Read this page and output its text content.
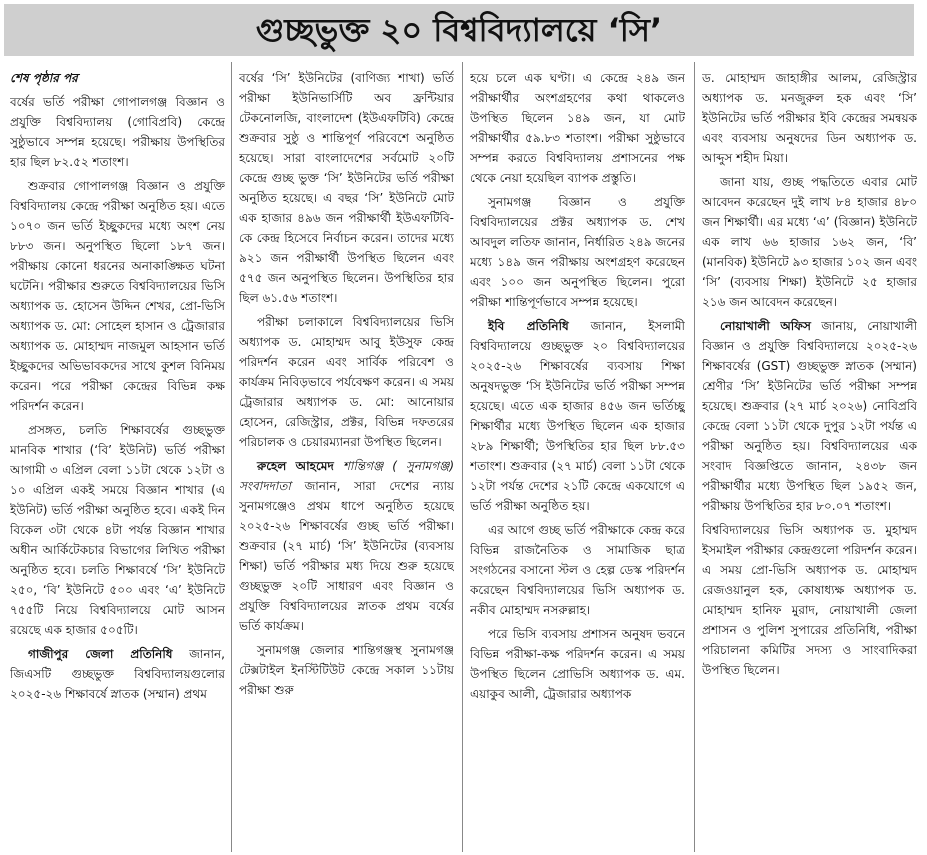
গুচ্ছভুক্ত ২০ বিশ্ববিদ্যালয়ে ‘সি’

শেষ পৃষ্ঠার পর

বর্ষের ভর্তি পরীক্ষা গোপালগঞ্জ বিজ্ঞান ও প্রযুক্তি বিশ্ববিদ্যালয় (গোবিপ্রবি) কেন্দ্রে সুষ্ঠুভাবে সম্পন্ন হয়েছে। পরীক্ষায় উপস্থিতির হার ছিল ৮২.৫২ শতাংশ।

শুক্রবার গোপালগঞ্জ বিজ্ঞান ও প্রযুক্তি বিশ্ববিদ্যালয় কেন্দ্রে পরীক্ষা অনুষ্ঠিত হয়। এতে ১০৭০ জন ভর্তি ইচ্ছুকদের মধ্যে অংশ নেয় ৮৮৩ জন। অনুপস্থিত ছিলো ১৮৭ জন। পরীক্ষায় কোনো ধরনের অনাকাঙ্ক্ষিত ঘটনা ঘটেনি। পরীক্ষার শুরুতে বিশ্ববিদ্যালয়ের ভিসি অধ্যাপক ড. হোসেন উদ্দিন শেখর, প্রো-ভিসি অধ্যাপক ড. মো: সোহেল হাসান ও ট্রেজারার অধ্যাপক ড. মোহাম্মদ নাজমুল আহসান ভর্তি ইচ্ছুকদের অভিভাবকদের সাথে কুশল বিনিময় করেন। পরে পরীক্ষা কেন্দ্রের বিভিন্ন কক্ষ পরিদর্শন করেন।

প্রসঙ্গত, চলতি শিক্ষাবর্ষের গুচ্ছভুক্ত মানবিক শাখার (‘বি’ ইউনিট) ভর্তি পরীক্ষা আগামী ৩ এপ্রিল বেলা ১১টা থেকে ১২টা ও ১০ এপ্রিল একই সময়ে বিজ্ঞান শাখার (এ ইউনিট) ভর্তি পরীক্ষা অনুষ্ঠিত হবে। একই দিন বিকেল ৩টা থেকে ৪টা পর্যন্ত বিজ্ঞান শাখার অধীন আর্কিটেকচার বিভাগের লিখিত পরীক্ষা অনুষ্ঠিত হবে। চলতি শিক্ষাবর্ষে ‘সি’ ইউনিটে ২৫০, ‘বি’ ইউনিটে ৫০০ এবং ‘এ’ ইউনিটে ৭৫৫টি নিয়ে বিশ্ববিদ্যালয়ে মোট আসন রয়েছে এক হাজার ৫০৫টি।

গাজীপুর জেলা প্রতিনিধি জানান, জিএসটি গুচ্ছভুক্ত বিশ্ববিদ্যালয়গুলোর ২০২৫-২৬ শিক্ষাবর্ষে স্নাতক (সম্মান) প্রথম

বর্ষের ‘সি’ ইউনিটের (বাণিজ্য শাখা) ভর্তি পরীক্ষা ইউনিভার্সিটি অব ফ্রন্টিয়ার টেকনোলজি, বাংলাদেশ (ইউএফটিবি) কেন্দ্রে শুক্রবার সুষ্ঠু ও শান্তিপূর্ণ পরিবেশে অনুষ্ঠিত হয়েছে। সারা বাংলাদেশের সর্বমোট ২০টি কেন্দ্রে গুচ্ছ ভুক্ত ‘সি’ ইউনিটের ভর্তি পরীক্ষা অনুষ্ঠিত হয়েছে। এ বছর ‘সি’ ইউনিটে মোট এক হাজার ৪৯৬ জন পরীক্ষার্থী ইউএফটিবি-কে কেন্দ্র হিসেবে নির্বাচন করেন। তাদের মধ্যে ৯২১ জন পরীক্ষার্থী উপস্থিত ছিলেন এবং ৫৭৫ জন অনুপস্থিত ছিলেন। উপস্থিতির হার ছিল ৬১.৫৬ শতাংশ।

পরীক্ষা চলাকালে বিশ্ববিদ্যালয়ের ভিসি অধ্যাপক ড. মোহাম্মদ আবু ইউসুফ কেন্দ্র পরিদর্শন করেন এবং সার্বিক পরিবেশ ও কার্যক্রম নিবিড়ভাবে পর্যবেক্ষণ করেন। এ সময় ট্রেজারার অধ্যাপক ড. মো: আনোয়ার হোসেন, রেজিস্ট্রার, প্রক্টর, বিভিন্ন দফতরের পরিচালক ও চেয়ারম্যানরা উপস্থিত ছিলেন।

রুহেল আহমেদ শান্তিগঞ্জ ( সুনামগঞ্জ) সংবাদদাতা জানান, সারা দেশের ন্যায় সুনামগঞ্জেও প্রথম ধাপে অনুষ্ঠিত হয়েছে ২০২৫-২৬ শিক্ষাবর্ষের গুচ্ছ ভর্তি পরীক্ষা। শুক্রবার (২৭ মার্চ) ‘সি’ ইউনিটের (ব্যবসায় শিক্ষা) ভর্তি পরীক্ষার মধ্য দিয়ে শুরু হয়েছে গুচ্ছভুক্ত ২০টি সাধারণ এবং বিজ্ঞান ও প্রযুক্তি বিশ্ববিদ্যালয়ের স্নাতক প্রথম বর্ষের ভর্তি কার্যক্রম।

সুনামগঞ্জ জেলার শান্তিগঞ্জস্থ সুনামগঞ্জ টেক্সটাইল ইনস্টিটিউট কেন্দ্রে সকাল ১১টায় পরীক্ষা শুরু

হয়ে চলে এক ঘণ্টা। এ কেন্দ্রে ২৪৯ জন পরীক্ষার্থীর অংশগ্রহণের কথা থাকলেও উপস্থিত ছিলেন ১৪৯ জন, যা মোট পরীক্ষার্থীর ৫৯.৮৩ শতাংশ। পরীক্ষা সুষ্ঠুভাবে সম্পন্ন করতে বিশ্ববিদ্যালয় প্রশাসনের পক্ষ থেকে নেয়া হয়েছিল ব্যাপক প্রস্তুতি।

সুনামগঞ্জ বিজ্ঞান ও প্রযুক্তি বিশ্ববিদ্যালয়ের প্রক্টর অধ্যাপক ড. শেখ আবদুল লতিফ জানান, নির্ধারিত ২৪৯ জনের মধ্যে ১৪৯ জন পরীক্ষায় অংশগ্রহণ করেছেন এবং ১০০ জন অনুপস্থিত ছিলেন। পুরো পরীক্ষা শান্তিপূর্ণভাবে সম্পন্ন হয়েছে।

ইবি প্রতিনিধি জানান, ইসলামী বিশ্ববিদ্যালয়ে গুচ্ছভুক্ত ২০ বিশ্ববিদ্যালয়ের ২০২৫-২৬ শিক্ষাবর্ষের ব্যবসায় শিক্ষা অনুষদভুক্ত ‘সি ইউনিটের ভর্তি পরীক্ষা সম্পন্ন হয়েছে। এতে এক হাজার ৪৫৬ জন ভর্তিচ্ছু শিক্ষার্থীর মধ্যে উপস্থিত ছিলেন এক হাজার ২৮৯ শিক্ষার্থী; উপস্থিতির হার ছিল ৮৮.৫৩ শতাংশ। শুক্রবার (২৭ মার্চ) বেলা ১১টা থেকে ১২টা পর্যন্ত দেশের ২১টি কেন্দ্রে একযোগে এ ভর্তি পরীক্ষা অনুষ্ঠিত হয়।

এর আগে গুচ্ছ ভর্তি পরীক্ষাকে কেন্দ্র করে বিভিন্ন রাজনৈতিক ও সামাজিক ছাত্র সংগঠনের বসানো স্টল ও হেল্প ডেস্ক পরিদর্শন করেছেন বিশ্ববিদ্যালয়ের ভিসি অধ্যাপক ড. নকীব মোহাম্মদ নসরুল্লাহ।

পরে ভিসি ব্যবসায় প্রশাসন অনুষদ ভবনে বিভিন্ন পরীক্ষা-কক্ষ পরিদর্শন করেন। এ সময় উপস্থিত ছিলেন প্রোভিসি অধ্যাপক ড. এম. এয়াকুব আলী, ট্রেজারার অধ্যাপক

ড. মোহাম্মদ জাহাঙ্গীর আলম, রেজিস্ট্রার অধ্যাপক ড. মনজুরুল হক এবং ‘সি’ ইউনিটের ভর্তি পরীক্ষার ইবি কেন্দ্রের সমন্বয়ক এবং ব্যবসায় অনুষদের ডিন অধ্যাপক ড. আব্দুস শহীদ মিয়া।

জানা যায়, গুচ্ছ পদ্ধতিতে এবার মোট আবেদন করেছেন দুই লাখ ৮৪ হাজার ৪৮০ জন শিক্ষার্থী। এর মধ্যে ‘এ’ (বিজ্ঞান) ইউনিটে এক লাখ ৬৬ হাজার ১৬২ জন, ‘বি’ (মানবিক) ইউনিটে ৯৩ হাজার ১০২ জন এবং ‘সি’ (ব্যবসায় শিক্ষা) ইউনিটে ২৫ হাজার ২১৬ জন আবেদন করেছেন।

নোয়াখালী অফিস জানায়, নোয়াখালী বিজ্ঞান ও প্রযুক্তি বিশ্ববিদ্যালয়ে ২০২৫-২৬ শিক্ষাবর্ষের (GST) গুচ্ছভুক্ত স্নাতক (সম্মান) শ্রেণীর ‘সি’ ইউনিটের ভর্তি পরীক্ষা সম্পন্ন হয়েছে। শুক্রবার (২৭ মার্চ ২০২৬) নোবিপ্রবি কেন্দ্রে বেলা ১১টা থেকে দুপুর ১২টা পর্যন্ত এ পরীক্ষা অনুষ্ঠিত হয়। বিশ্ববিদ্যালয়ের এক সংবাদ বিজ্ঞপ্তিতে জানান, ২৪৩৮ জন পরীক্ষার্থীর মধ্যে উপস্থিত ছিল ১৯৫২ জন, পরীক্ষায় উপস্থিতির হার ৮০.০৭ শতাংশ।

বিশ্ববিদ্যালয়ের ভিসি অধ্যাপক ড. মুহাম্মদ ইসমাইল পরীক্ষার কেন্দ্রগুলো পরিদর্শন করেন। এ সময় প্রো-ভিসি অধ্যাপক ড. মোহাম্মদ রেজওয়ানুল হক, কোষাধ্যক্ষ অধ্যাপক ড. মোহাম্মদ হানিফ মুরাদ, নোয়াখালী জেলা প্রশাসন ও পুলিশ সুপারের প্রতিনিধি, পরীক্ষা পরিচালনা কমিটির সদস্য ও সাংবাদিকরা উপস্থিত ছিলেন।
